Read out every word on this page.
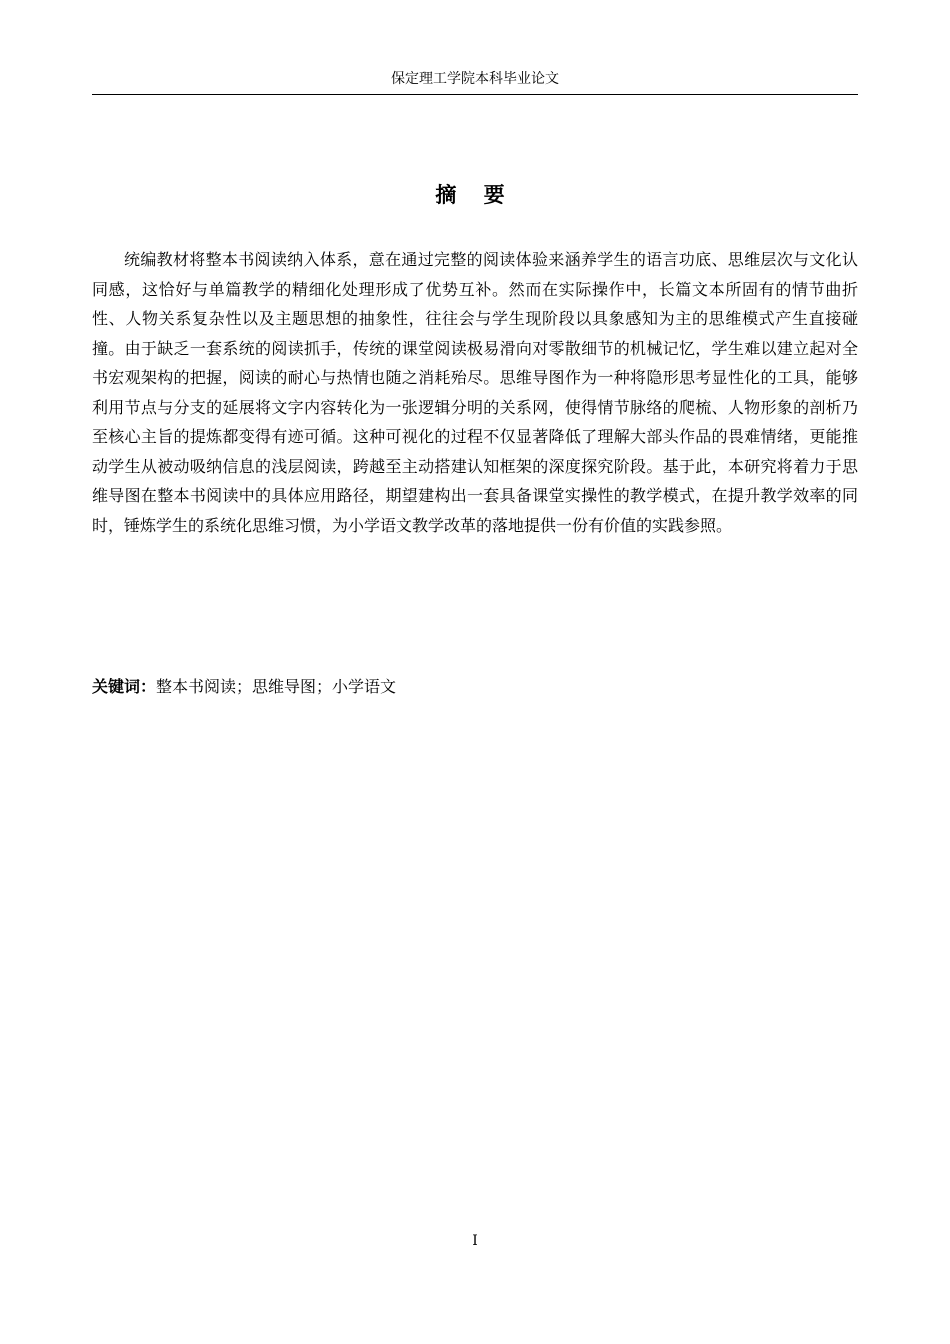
保定理工学院本科毕业论文
摘 要

统编教材将整本书阅读纳入体系，意在通过完整的阅读体验来涵养学生的语言功底、思维层次与文化认同感，这恰好与单篇教学的精细化处理形成了优势互补。然而在实际操作中，长篇文本所固有的情节曲折性、人物关系复杂性以及主题思想的抽象性，往往会与学生现阶段以具象感知为主的思维模式产生直接碰撞。由于缺乏一套系统的阅读抓手，传统的课堂阅读极易滑向对零散细节的机械记忆，学生难以建立起对全书宏观架构的把握，阅读的耐心与热情也随之消耗殆尽。思维导图作为一种将隐形思考显性化的工具，能够利用节点与分支的延展将文字内容转化为一张逻辑分明的关系网，使得情节脉络的爬梳、人物形象的剖析乃至核心主旨的提炼都变得有迹可循。这种可视化的过程不仅显著降低了理解大部头作品的畏难情绪，更能推动学生从被动吸纳信息的浅层阅读，跨越至主动搭建认知框架的深度探究阶段。基于此，本研究将着力于思维导图在整本书阅读中的具体应用路径，期望建构出一套具备课堂实操性的教学模式，在提升教学效率的同时，锤炼学生的系统化思维习惯，为小学语文教学改革的落地提供一份有价值的实践参照。

关键词：整本书阅读；思维导图；小学语文
I
